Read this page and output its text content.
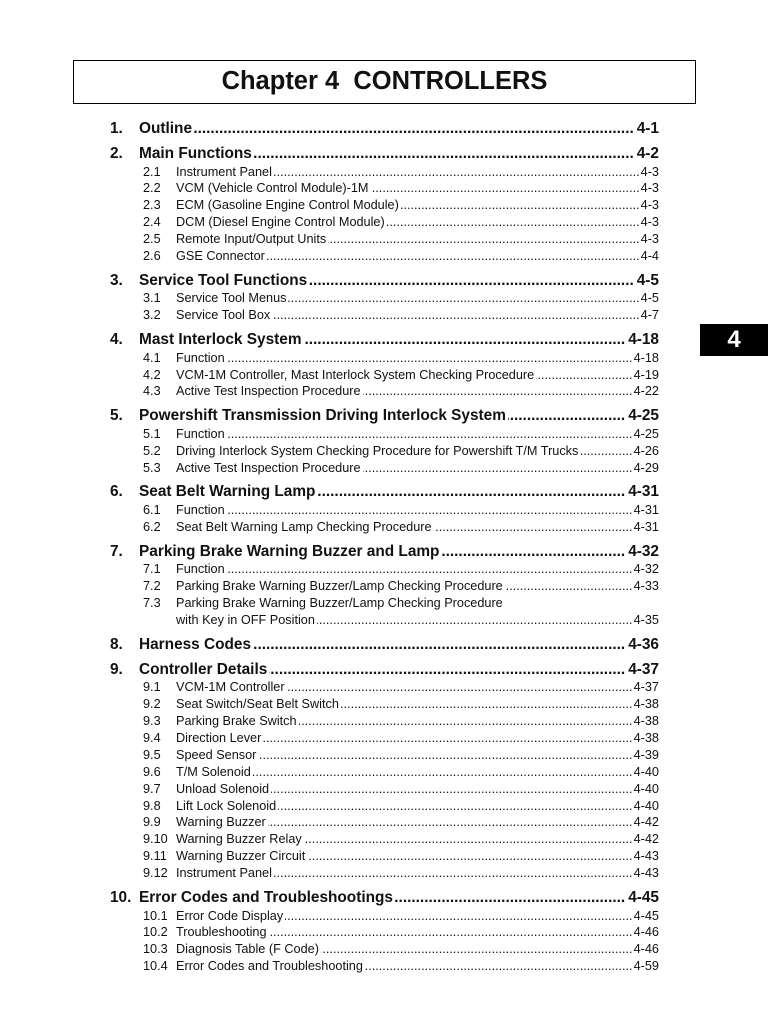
Chapter 4  CONTROLLERS
4
1.	Outline .....	4-1
2.	Main Functions .....	4-2
2.1	Instrument Panel .....	4-3
2.2	VCM (Vehicle Control Module)-1M .....	4-3
2.3	ECM (Gasoline Engine Control Module) .....	4-3
2.4	DCM (Diesel Engine Control Module) .....	4-3
2.5	Remote Input/Output Units .....	4-3
2.6	GSE Connector .....	4-4
3.	Service Tool Functions .....	4-5
3.1	Service Tool Menus .....	4-5
3.2	Service Tool Box .....	4-7
4.	Mast Interlock System .....	4-18
4.1	Function .....	4-18
4.2	VCM-1M Controller, Mast Interlock System Checking Procedure .....	4-19
4.3	Active Test Inspection Procedure .....	4-22
5.	Powershift Transmission Driving Interlock System .....	4-25
5.1	Function .....	4-25
5.2	Driving Interlock System Checking Procedure for Powershift T/M Trucks .....	4-26
5.3	Active Test Inspection Procedure .....	4-29
6.	Seat Belt Warning Lamp .....	4-31
6.1	Function .....	4-31
6.2	Seat Belt Warning Lamp Checking Procedure .....	4-31
7.	Parking Brake Warning Buzzer and Lamp .....	4-32
7.1	Function .....	4-32
7.2	Parking Brake Warning Buzzer/Lamp Checking Procedure .....	4-33
7.3	Parking Brake Warning Buzzer/Lamp Checking Procedure
with Key in OFF Position .....	4-35
8.	Harness Codes .....	4-36
9.	Controller Details .....	4-37
9.1	VCM-1M Controller .....	4-37
9.2	Seat Switch/Seat Belt Switch .....	4-38
9.3	Parking Brake Switch .....	4-38
9.4	Direction Lever .....	4-38
9.5	Speed Sensor .....	4-39
9.6	T/M Solenoid .....	4-40
9.7	Unload Solenoid .....	4-40
9.8	Lift Lock Solenoid .....	4-40
9.9	Warning Buzzer .....	4-42
9.10 Warning Buzzer Relay .....	4-42
9.11 Warning Buzzer Circuit .....	4-43
9.12 Instrument Panel .....	4-43
10. Error Codes and Troubleshootings .....	4-45
10.1 Error Code Display .....	4-45
10.2 Troubleshooting .....	4-46
10.3 Diagnosis Table (F Code) .....	4-46
10.4 Error Codes and Troubleshooting .....	4-59
